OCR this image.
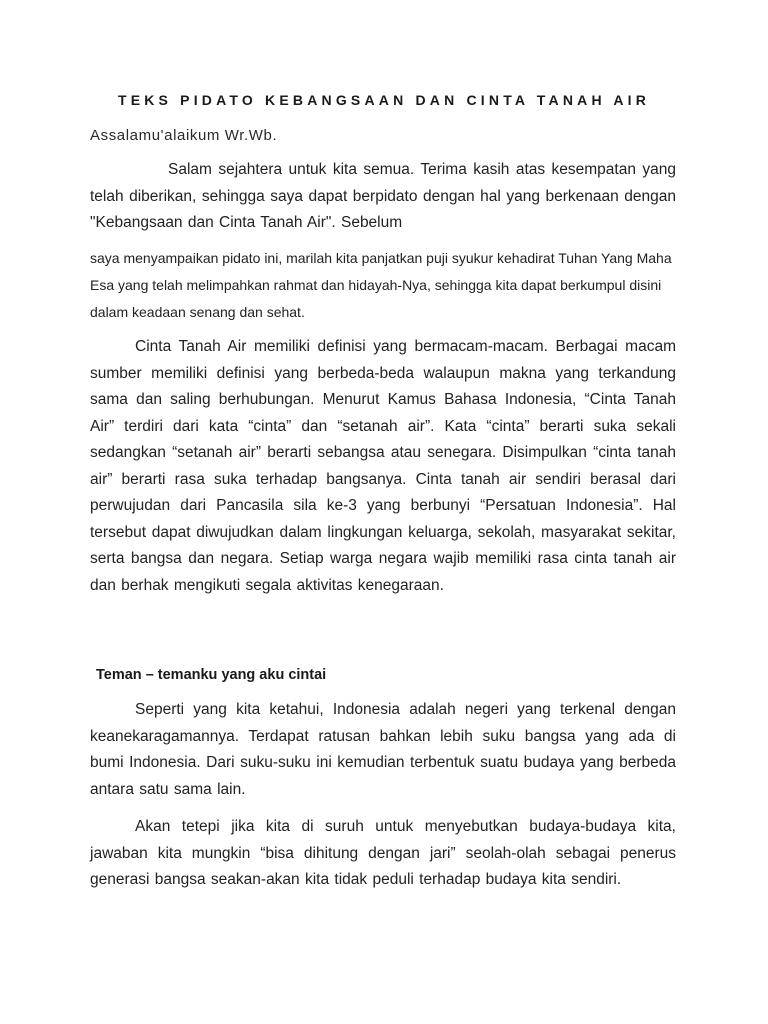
TEKS PIDATO KEBANGSAAN DAN CINTA TANAH AIR
Assalamu'alaikum Wr.Wb.

Salam sejahtera untuk kita semua. Terima kasih atas kesempatan yang telah diberikan, sehingga saya dapat berpidato dengan hal yang berkenaan dengan "Kebangsaan dan Cinta Tanah Air". Sebelum

saya menyampaikan pidato ini, marilah kita panjatkan puji syukur kehadirat Tuhan Yang Maha Esa yang telah melimpahkan rahmat dan hidayah-Nya, sehingga kita dapat berkumpul disini dalam keadaan senang dan sehat.

Cinta Tanah Air memiliki definisi yang bermacam-macam. Berbagai macam sumber memiliki definisi yang berbeda-beda walaupun makna yang terkandung sama dan saling berhubungan. Menurut Kamus Bahasa Indonesia, “Cinta Tanah Air” terdiri dari kata “cinta” dan “setanah air”. Kata “cinta” berarti suka sekali sedangkan “setanah air” berarti sebangsa atau senegara. Disimpulkan “cinta tanah air” berarti rasa suka terhadap bangsanya. Cinta tanah air sendiri berasal dari perwujudan dari Pancasila sila ke-3 yang berbunyi “Persatuan Indonesia”. Hal tersebut dapat diwujudkan dalam lingkungan keluarga, sekolah, masyarakat sekitar, serta bangsa dan negara. Setiap warga negara wajib memiliki rasa cinta tanah air dan berhak mengikuti segala aktivitas kenegaraan.

Teman – temanku yang aku cintai

Seperti yang kita ketahui, Indonesia adalah negeri yang terkenal dengan keanekaragamannya. Terdapat ratusan bahkan lebih suku bangsa yang ada di bumi Indonesia. Dari suku-suku ini kemudian terbentuk suatu budaya yang berbeda antara satu sama lain.

Akan tetepi jika kita di suruh untuk menyebutkan budaya-budaya kita, jawaban kita mungkin “bisa dihitung dengan jari” seolah-olah sebagai penerus generasi bangsa seakan-akan kita tidak peduli terhadap budaya kita sendiri.
